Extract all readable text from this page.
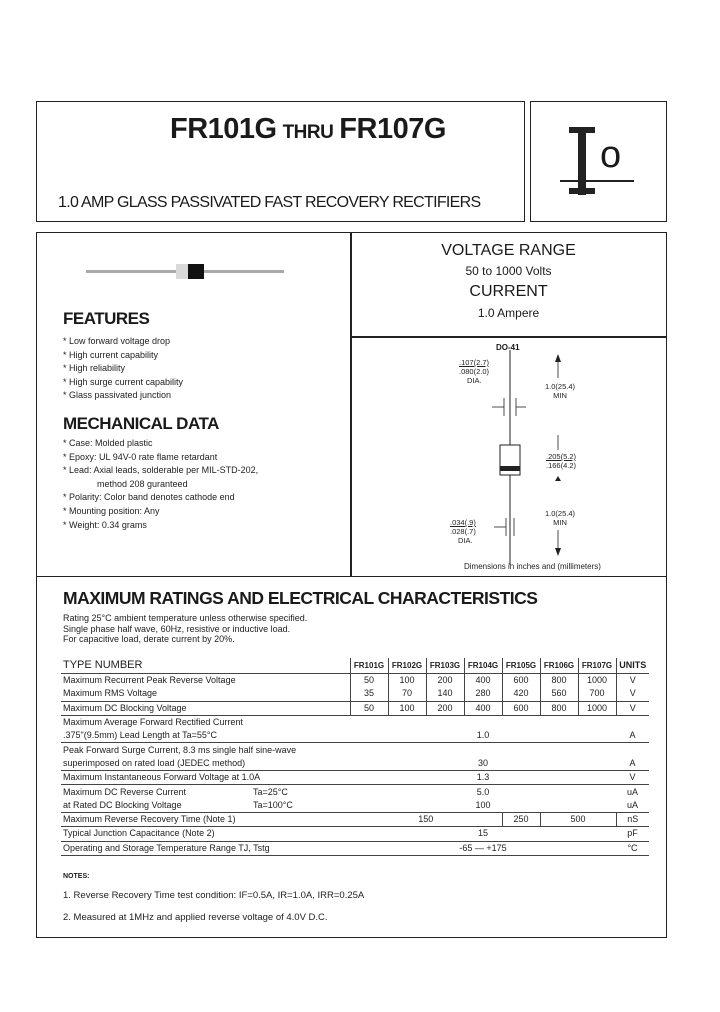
FR101G THRU FR107G
1.0 AMP GLASS PASSIVATED FAST RECOVERY RECTIFIERS
o
FEATURES
* Low forward voltage drop
* High current capability
* High reliability
* High surge current capability
* Glass passivated junction
MECHANICAL DATA
* Case: Molded plastic
* Epoxy: UL 94V-0 rate flame retardant
* Lead: Axial leads, solderable per MIL-STD-202,
method 208 guranteed
* Polarity: Color band denotes cathode end
* Mounting position: Any
* Weight: 0.34 grams
VOLTAGE RANGE
50 to 1000 Volts
CURRENT
1.0 Ampere
DO-41
.107(2.7)
.080(2.0)
DIA.
1.0(25.4)
MIN
.205(5.2)
.166(4.2)
1.0(25.4)
MIN
.034(.9)
.028(.7)
DIA.
Dimensions in inches and (millimeters)
MAXIMUM RATINGS AND ELECTRICAL CHARACTERISTICS
Rating 25°C ambient temperature unless otherwise specified.
Single phase half wave, 60Hz, resistive or inductive load.
For capacitive load, derate current by 20%.
TYPE NUMBER	FR101G	FR102G	FR103G	FR104G	FR105G	FR106G	FR107G	UNITS
Maximum Recurrent Peak Reverse Voltage	50	100	200	400	600	800	1000	V
Maximum RMS Voltage	35	70	140	280	420	560	700	V
Maximum DC Blocking Voltage	50	100	200	400	600	800	1000	V
Maximum Average Forward Rectified Current								
.375"(9.5mm) Lead Length at Ta=55°C	1.0							A
Peak Forward Surge Current, 8.3 ms single half sine-wave								
superimposed on rated load (JEDEC method)	30							A
Maximum Instantaneous Forward Voltage at 1.0A	1.3							V
Maximum DC Reverse Current Ta=25°C	5.0							uA
at Rated DC Blocking Voltage Ta=100°C	100							uA
Maximum Reverse Recovery Time (Note 1)	150				250	500		nS
Typical Junction Capacitance (Note 2)	15							pF
Operating and Storage Temperature Range TJ, Tstg	-65 — +175							°C
NOTES:
1. Reverse Recovery Time test condition: IF=0.5A, IR=1.0A, IRR=0.25A
2. Measured at 1MHz and applied reverse voltage of 4.0V D.C.
